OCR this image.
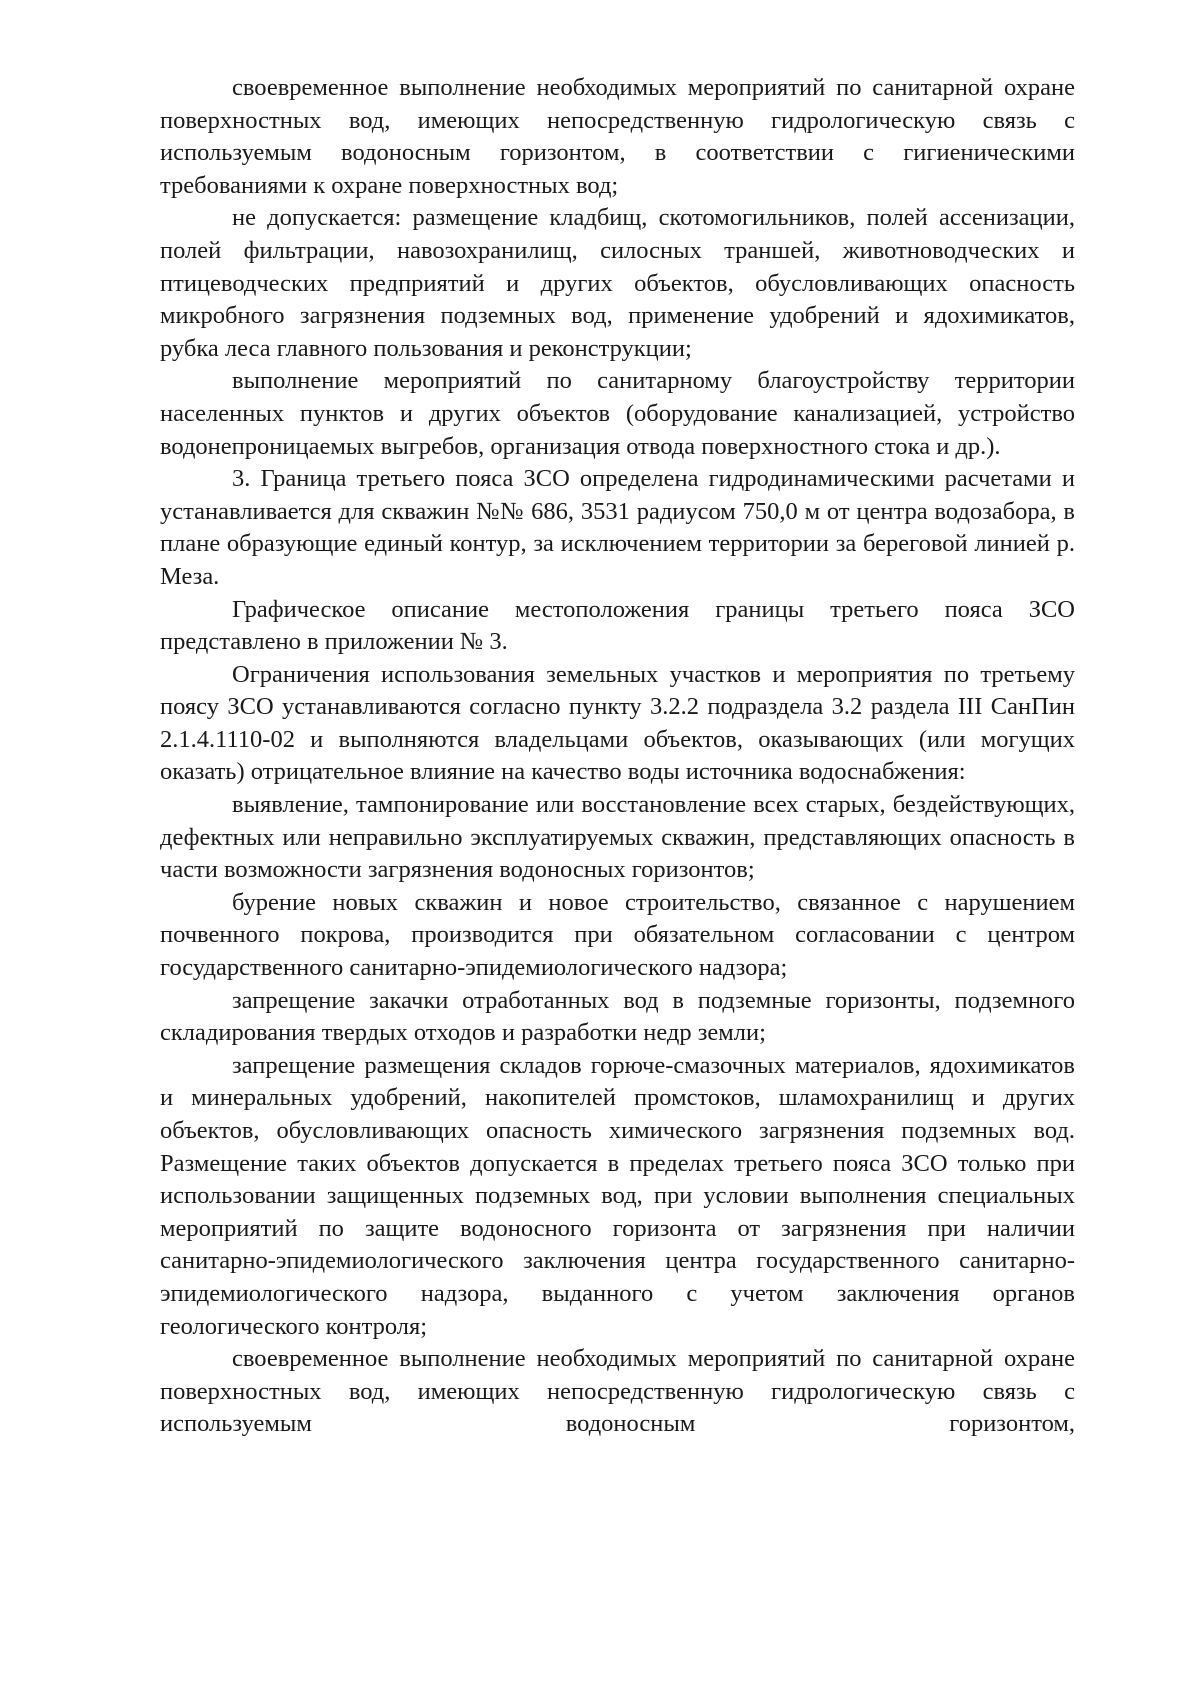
своевременное выполнение необходимых мероприятий по санитарной охране поверхностных вод, имеющих непосредственную гидрологическую связь с используемым водоносным горизонтом, в соответствии с гигиеническими требованиями к охране поверхностных вод;

не допускается: размещение кладбищ, скотомогильников, полей ассенизации, полей фильтрации, навозохранилищ, силосных траншей, животноводческих и птицеводческих предприятий и других объектов, обусловливающих опасность микробного загрязнения подземных вод, применение удобрений и ядохимикатов, рубка леса главного пользования и реконструкции;

выполнение мероприятий по санитарному благоустройству территории населенных пунктов и других объектов (оборудование канализацией, устройство водонепроницаемых выгребов, организация отвода поверхностного стока и др.).

3. Граница третьего пояса ЗСО определена гидродинамическими расчетами и устанавливается для скважин №№ 686, 3531 радиусом 750,0 м от центра водозабора, в плане образующие единый контур, за исключением территории за береговой линией р. Меза.

Графическое описание местоположения границы третьего пояса ЗСО представлено в приложении № 3.

Ограничения использования земельных участков и мероприятия по третьему поясу ЗСО устанавливаются согласно пункту 3.2.2 подраздела 3.2 раздела III СанПин 2.1.4.1110-02 и выполняются владельцами объектов, оказывающих (или могущих оказать) отрицательное влияние на качество воды источника водоснабжения:

выявление, тампонирование или восстановление всех старых, бездействующих, дефектных или неправильно эксплуатируемых скважин, представляющих опасность в части возможности загрязнения водоносных горизонтов;

бурение новых скважин и новое строительство, связанное с нарушением почвенного покрова, производится при обязательном согласовании с центром государственного санитарно-эпидемиологического надзора;

запрещение закачки отработанных вод в подземные горизонты, подземного складирования твердых отходов и разработки недр земли;

запрещение размещения складов горюче-смазочных материалов, ядохимикатов и минеральных удобрений, накопителей промстоков, шламохранилищ и других объектов, обусловливающих опасность химического загрязнения подземных вод. Размещение таких объектов допускается в пределах третьего пояса ЗСО только при использовании защищенных подземных вод, при условии выполнения специальных мероприятий по защите водоносного горизонта от загрязнения при наличии санитарно-эпидемиологического заключения центра государственного санитарно-эпидемиологического надзора, выданного с учетом заключения органов геологического контроля;

своевременное выполнение необходимых мероприятий по санитарной охране поверхностных вод, имеющих непосредственную гидрологическую связь с используемым водоносным горизонтом,
